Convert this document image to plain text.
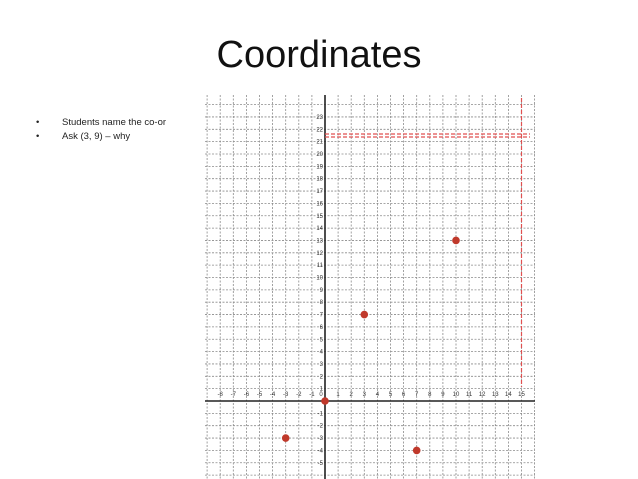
Coordinates
• Students name the co-or
• Ask (3, 9) – why
-8 -7 -6 -5 -4 -3 -2 -1 0 1 2 3 4 5 6 7 8 9 10 11 12 13 14 15
23
22
21
20
19
18
17
16
15
14
13
12
11
10
9
8
7
6
5
4
3
2
1
-1
-2
-3
-4
-5
